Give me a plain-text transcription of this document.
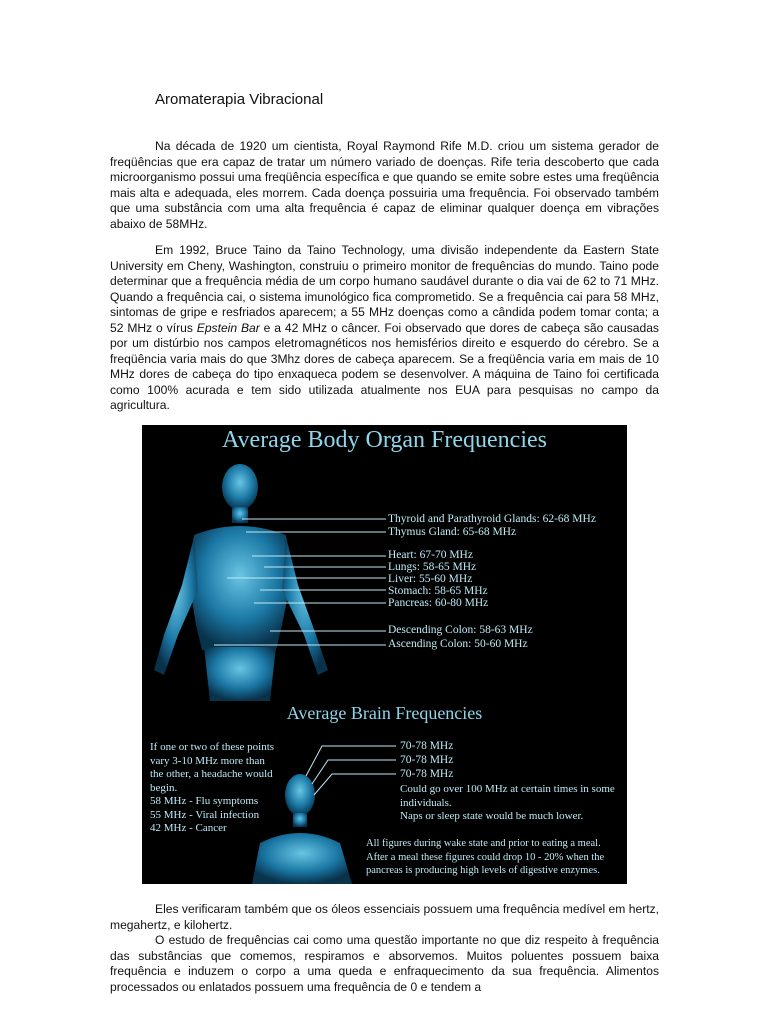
Aromaterapia Vibracional

Na década de 1920 um cientista, Royal Raymond Rife M.D. criou um sistema gerador de freqüências que era capaz de tratar um número variado de doenças. Rife teria descoberto que cada microorganismo possui uma freqüência específica e que quando se emite sobre estes uma freqüência mais alta e adequada, eles morrem. Cada doença possuiria uma frequência. Foi observado também que uma substância com uma alta frequência é capaz de eliminar qualquer doença em vibrações abaixo de 58MHz.

Em 1992, Bruce Taino da Taino Technology, uma divisão independente da Eastern State University em Cheny, Washington, construiu o primeiro monitor de frequências do mundo. Taino pode determinar que a frequência média de um corpo humano saudável durante o dia vai de 62 to 71 MHz. Quando a frequência cai, o sistema imunológico fica comprometido. Se a frequência cai para 58 MHz, sintomas de gripe e resfriados aparecem; a 55 MHz doenças como a cândida podem tomar conta; a 52 MHz o vírus Epstein Bar e a 42 MHz o câncer. Foi observado que dores de cabeça são causadas por um distúrbio nos campos eletromagnéticos nos hemisférios direito e esquerdo do cérebro. Se a freqüência varia mais do que 3Mhz dores de cabeça aparecem. Se a freqüência varia em mais de 10 MHz dores de cabeça do tipo enxaqueca podem se desenvolver. A máquina de Taino foi certificada como 100% acurada e tem sido utilizada atualmente nos EUA para pesquisas no campo da agricultura.

Average Body Organ Frequencies
Thyroid and Parathyroid Glands: 62-68 MHz
Thymus Gland: 65-68 MHz
Heart: 67-70 MHz
Lungs: 58-65 MHz
Liver: 55-60 MHz
Stomach: 58-65 MHz
Pancreas: 60-80 MHz
Descending Colon: 58-63 MHz
Ascending Colon: 50-60 MHz
Average Brain Frequencies
If one or two of these points
vary 3-10 MHz more than
the other, a headache would
begin.
58 MHz - Flu symptoms
55 MHz - Viral infection
42 MHz - Cancer
70-78 MHz
70-78 MHz
70-78 MHz
Could go over 100 MHz at certain times in some
individuals.
Naps or sleep state would be much lower.
All figures during wake state and prior to eating a meal.
After a meal these figures could drop 10 - 20% when the
pancreas is producing high levels of digestive enzymes.

Eles verificaram também que os óleos essenciais possuem uma frequência medível em hertz, megahertz, e kilohertz.

O estudo de frequências cai como uma questão importante no que diz respeito à frequência das substâncias que comemos, respiramos e absorvemos. Muitos poluentes possuem baixa frequência e induzem o corpo a uma queda e enfraquecimento da sua frequência. Alimentos processados ou enlatados possuem uma frequência de 0 e tendem a
